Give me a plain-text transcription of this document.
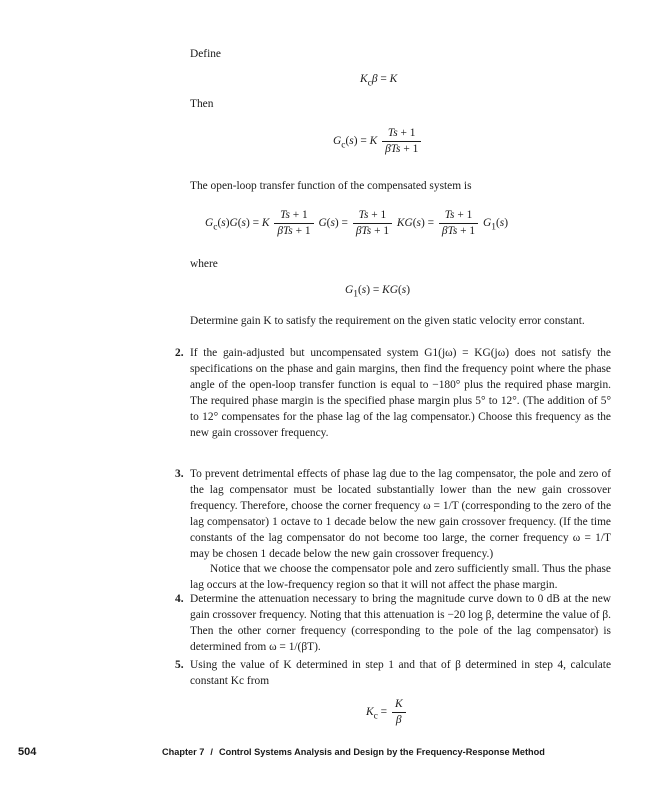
Define
$K_c\beta = K$
Then
$G_c(s) = K \frac{Ts + 1}{\text{βTs + 1}}$
The open-loop transfer function of the compensated system is
$G_c(s)G(s) = K \frac{Ts + 1}{\text{βTs + 1}} G(s) = \frac{Ts + 1}{\text{βTs + 1}} KG(s) = \frac{Ts + 1}{\text{βTs + 1}} G_1(s)$
where
$G_1(s) = KG(s)$
Determine gain K to satisfy the requirement on the given static velocity error constant.
2. If the gain-adjusted but uncompensated system G1(jω) = KG(jω) does not satisfy the specifications on the phase and gain margins, then find the frequency point where the phase angle of the open-loop transfer function is equal to −180° plus the required phase margin. The required phase margin is the specified phase margin plus 5° to 12°. (The addition of 5° to 12° compensates for the phase lag of the lag compensator.) Choose this frequency as the new gain crossover frequency.
3. To prevent detrimental effects of phase lag due to the lag compensator, the pole and zero of the lag compensator must be located substantially lower than the new gain crossover frequency. Therefore, choose the corner frequency ω = 1/T (corresponding to the zero of the lag compensator) 1 octave to 1 decade below the new gain crossover frequency. (If the time constants of the lag compensator do not become too large, the corner frequency ω = 1/T may be chosen 1 decade below the new gain crossover frequency.)
Notice that we choose the compensator pole and zero sufficiently small. Thus the phase lag occurs at the low-frequency region so that it will not affect the phase margin.
4. Determine the attenuation necessary to bring the magnitude curve down to 0 dB at the new gain crossover frequency. Noting that this attenuation is −20 log β, determine the value of β. Then the other corner frequency (corresponding to the pole of the lag compensator) is determined from ω = 1/(βT).
5. Using the value of K determined in step 1 and that of β determined in step 4, calculate constant Kc from
$K_c = \frac{K}{\beta}$
504	Chapter 7 / Control Systems Analysis and Design by the Frequency-Response Method
